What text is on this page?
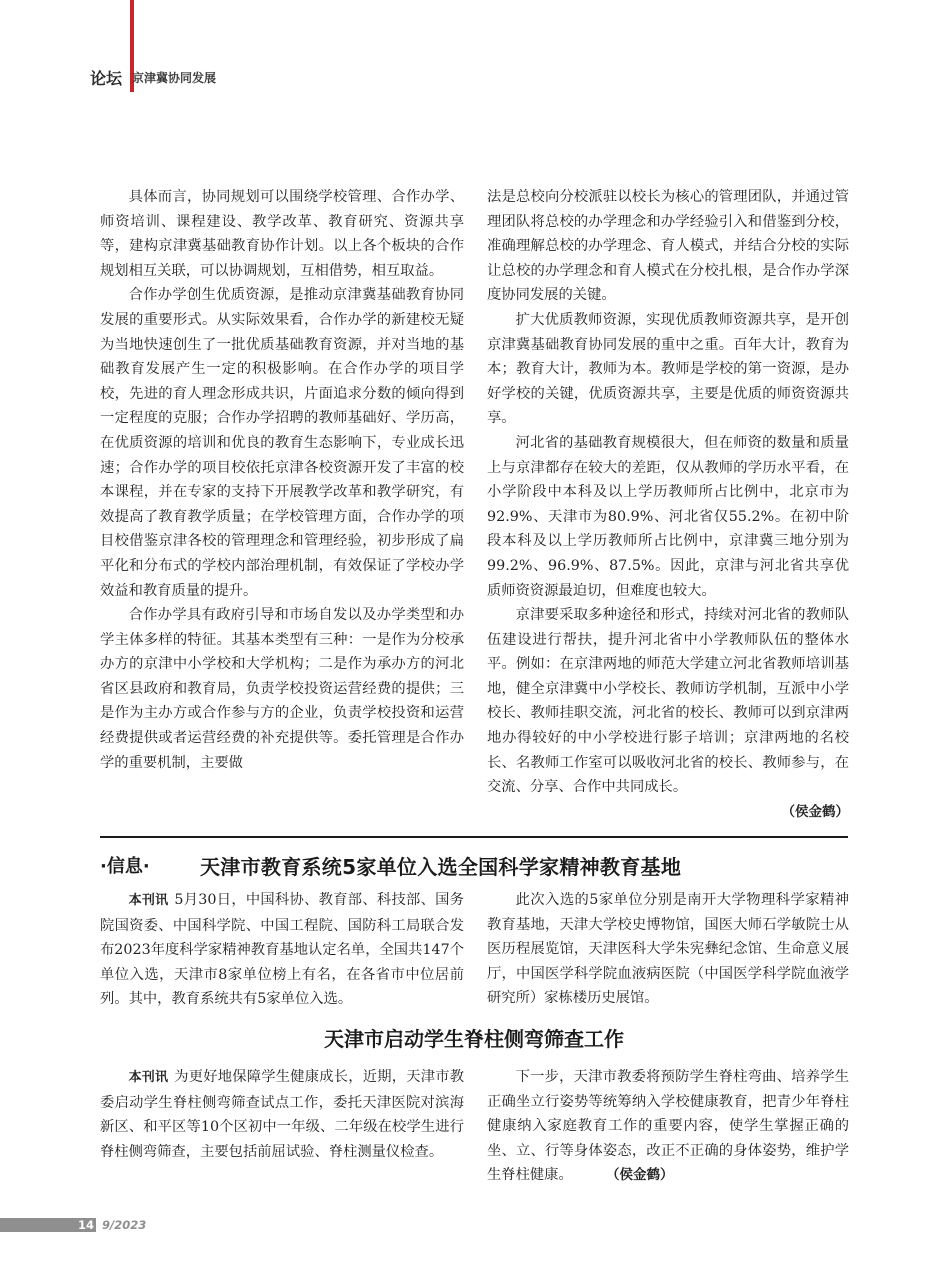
论坛 京津冀协同发展

具体而言，协同规划可以围绕学校管理、合作办学、师资培训、课程建设、教学改革、教育研究、资源共享等，建构京津冀基础教育协作计划。以上各个板块的合作规划相互关联，可以协调规划，互相借势，相互取益。

合作办学创生优质资源，是推动京津冀基础教育协同发展的重要形式。从实际效果看，合作办学的新建校无疑为当地快速创生了一批优质基础教育资源，并对当地的基础教育发展产生一定的积极影响。在合作办学的项目学校，先进的育人理念形成共识，片面追求分数的倾向得到一定程度的克服；合作办学招聘的教师基础好、学历高，在优质资源的培训和优良的教育生态影响下，专业成长迅速；合作办学的项目校依托京津各校资源开发了丰富的校本课程，并在专家的支持下开展教学改革和教学研究，有效提高了教育教学质量；在学校管理方面，合作办学的项目校借鉴京津各校的管理理念和管理经验，初步形成了扁平化和分布式的学校内部治理机制，有效保证了学校办学效益和教育质量的提升。

合作办学具有政府引导和市场自发以及办学类型和办学主体多样的特征。其基本类型有三种：一是作为分校承办方的京津中小学校和大学机构；二是作为承办方的河北省区县政府和教育局，负责学校投资运营经费的提供；三是作为主办方或合作参与方的企业，负责学校投资和运营经费提供或者运营经费的补充提供等。委托管理是合作办学的重要机制，主要做

法是总校向分校派驻以校长为核心的管理团队，并通过管理团队将总校的办学理念和办学经验引入和借鉴到分校，准确理解总校的办学理念、育人模式，并结合分校的实际让总校的办学理念和育人模式在分校扎根，是合作办学深度协同发展的关键。

扩大优质教师资源，实现优质教师资源共享，是开创京津冀基础教育协同发展的重中之重。百年大计，教育为本；教育大计，教师为本。教师是学校的第一资源，是办好学校的关键，优质资源共享，主要是优质的师资资源共享。

河北省的基础教育规模很大，但在师资的数量和质量上与京津都存在较大的差距，仅从教师的学历水平看，在小学阶段中本科及以上学历教师所占比例中，北京市为92.9%、天津市为80.9%、河北省仅55.2%。在初中阶段本科及以上学历教师所占比例中，京津冀三地分别为99.2%、96.9%、87.5%。因此，京津与河北省共享优质师资资源最迫切，但难度也较大。

京津要采取多种途径和形式，持续对河北省的教师队伍建设进行帮扶，提升河北省中小学教师队伍的整体水平。例如：在京津两地的师范大学建立河北省教师培训基地，健全京津冀中小学校长、教师访学机制，互派中小学校长、教师挂职交流，河北省的校长、教师可以到京津两地办得较好的中小学校进行影子培训；京津两地的名校长、名教师工作室可以吸收河北省的校长、教师参与，在交流、分享、合作中共同成长。

（侯金鹤）

·信息·	天津市教育系统5家单位入选全国科学家精神教育基地

本刊讯 5月30日，中国科协、教育部、科技部、国务院国资委、中国科学院、中国工程院、国防科工局联合发布2023年度科学家精神教育基地认定名单，全国共147个单位入选，天津市8家单位榜上有名，在各省市中位居前列。其中，教育系统共有5家单位入选。

此次入选的5家单位分别是南开大学物理科学家精神教育基地，天津大学校史博物馆，国医大师石学敏院士从医历程展览馆，天津医科大学朱宪彝纪念馆、生命意义展厅，中国医学科学院血液病医院（中国医学科学院血液学研究所）家栋楼历史展馆。

天津市启动学生脊柱侧弯筛查工作

本刊讯 为更好地保障学生健康成长，近期，天津市教委启动学生脊柱侧弯筛查试点工作，委托天津医院对滨海新区、和平区等10个区初中一年级、二年级在校学生进行脊柱侧弯筛查，主要包括前屈试验、脊柱测量仪检查。

下一步，天津市教委将预防学生脊柱弯曲、培养学生正确坐立行姿势等统筹纳入学校健康教育，把青少年脊柱健康纳入家庭教育工作的重要内容，使学生掌握正确的坐、立、行等身体姿态，改正不正确的身体姿势，维护学生脊柱健康。	（侯金鹤）

14 9/2023
